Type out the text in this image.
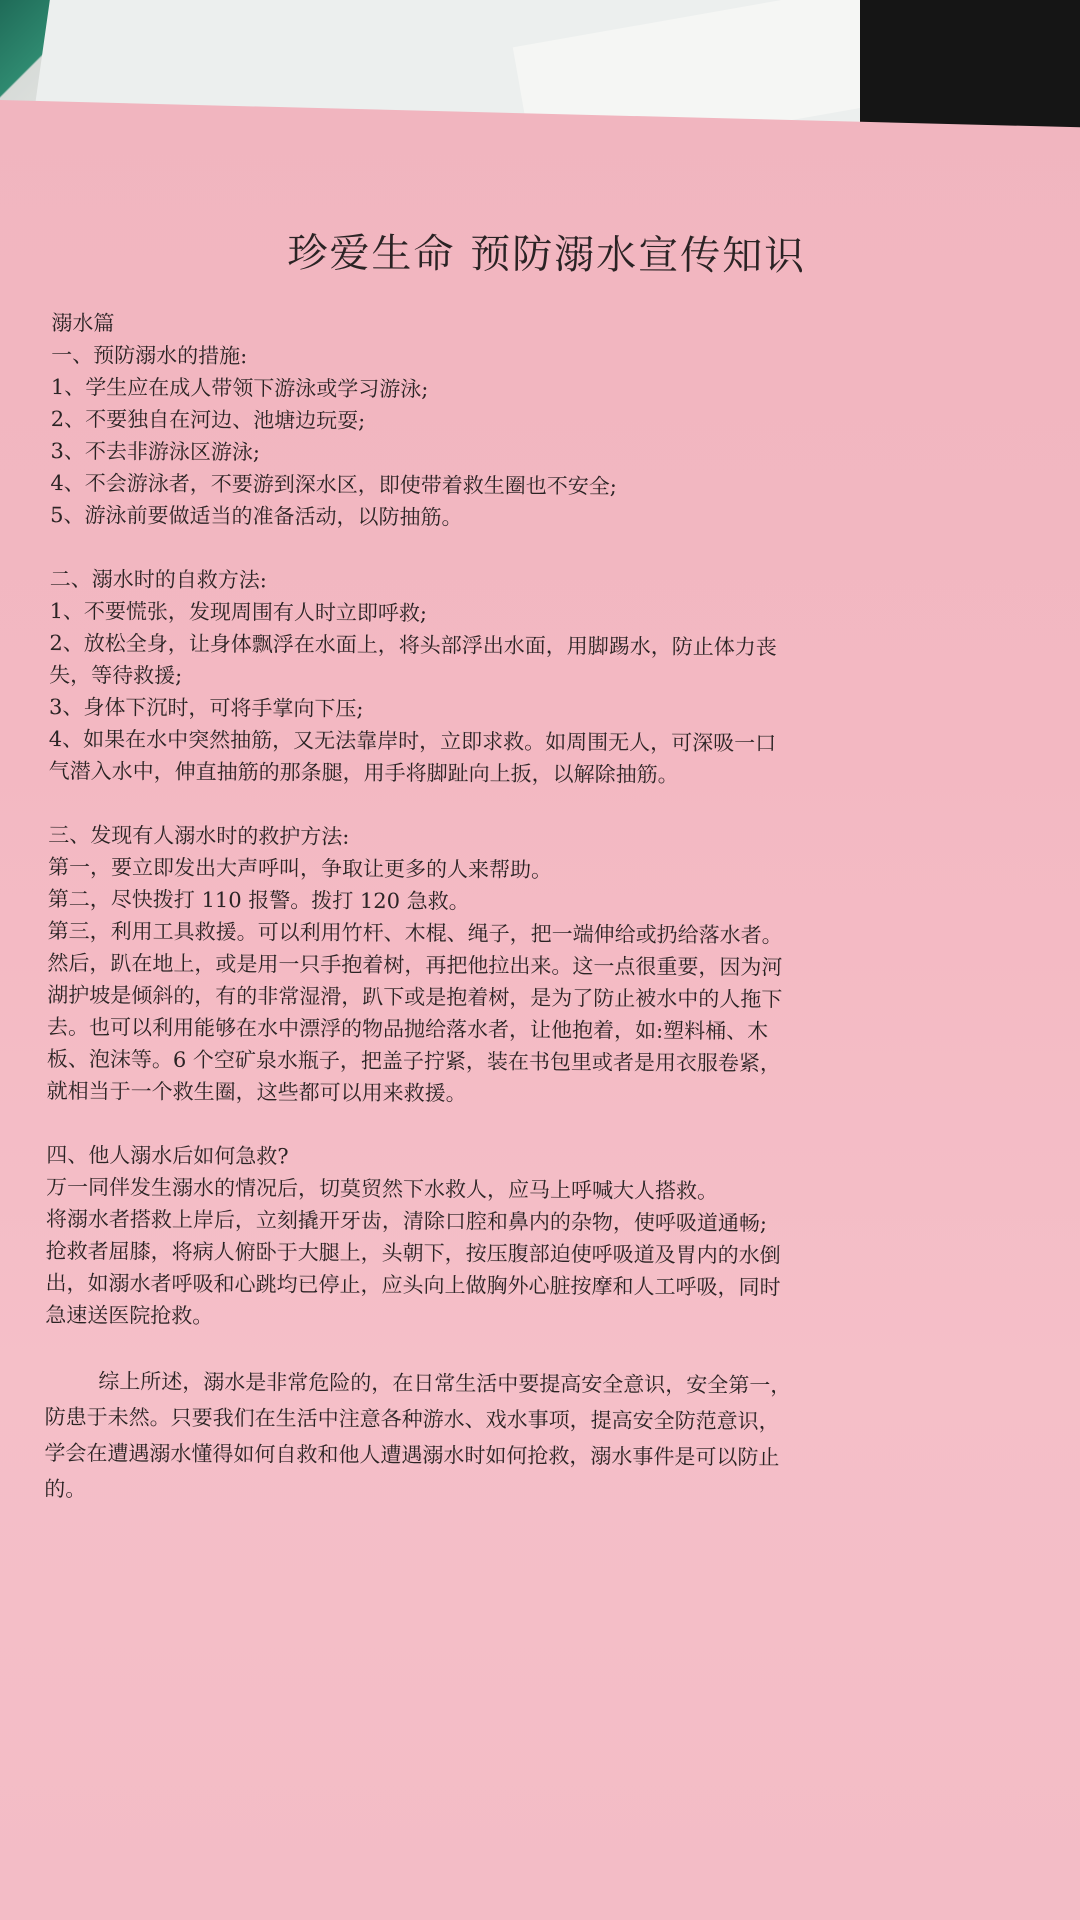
珍爱生命 预防溺水宣传知识
溺水篇
一、预防溺水的措施:
1、学生应在成人带领下游泳或学习游泳;
2、不要独自在河边、池塘边玩耍;
3、不去非游泳区游泳;
4、不会游泳者，不要游到深水区，即使带着救生圈也不安全;
5、游泳前要做适当的准备活动，以防抽筋。
二、溺水时的自救方法:
1、不要慌张，发现周围有人时立即呼救;
2、放松全身，让身体飘浮在水面上，将头部浮出水面，用脚踢水，防止体力丧
失，等待救援;
3、身体下沉时，可将手掌向下压;
4、如果在水中突然抽筋，又无法靠岸时，立即求救。如周围无人，可深吸一口
气潜入水中，伸直抽筋的那条腿，用手将脚趾向上扳，以解除抽筋。
三、发现有人溺水时的救护方法:
第一，要立即发出大声呼叫，争取让更多的人来帮助。
第二，尽快拨打 110 报警。拨打 120 急救。
第三，利用工具救援。可以利用竹杆、木棍、绳子，把一端伸给或扔给落水者。
然后，趴在地上，或是用一只手抱着树，再把他拉出来。这一点很重要，因为河
湖护坡是倾斜的，有的非常湿滑，趴下或是抱着树，是为了防止被水中的人拖下
去。也可以利用能够在水中漂浮的物品抛给落水者，让他抱着，如:塑料桶、木
板、泡沫等。6 个空矿泉水瓶子，把盖子拧紧，装在书包里或者是用衣服卷紧，
就相当于一个救生圈，这些都可以用来救援。
四、他人溺水后如何急救?
万一同伴发生溺水的情况后，切莫贸然下水救人，应马上呼喊大人搭救。
将溺水者搭救上岸后，立刻撬开牙齿，清除口腔和鼻内的杂物，使呼吸道通畅;
抢救者屈膝，将病人俯卧于大腿上，头朝下，按压腹部迫使呼吸道及胃内的水倒
出，如溺水者呼吸和心跳均已停止，应头向上做胸外心脏按摩和人工呼吸，同时
急速送医院抢救。
综上所述，溺水是非常危险的，在日常生活中要提高安全意识，安全第一，
防患于未然。只要我们在生活中注意各种游水、戏水事项，提高安全防范意识，
学会在遭遇溺水懂得如何自救和他人遭遇溺水时如何抢救，溺水事件是可以防止
的。
